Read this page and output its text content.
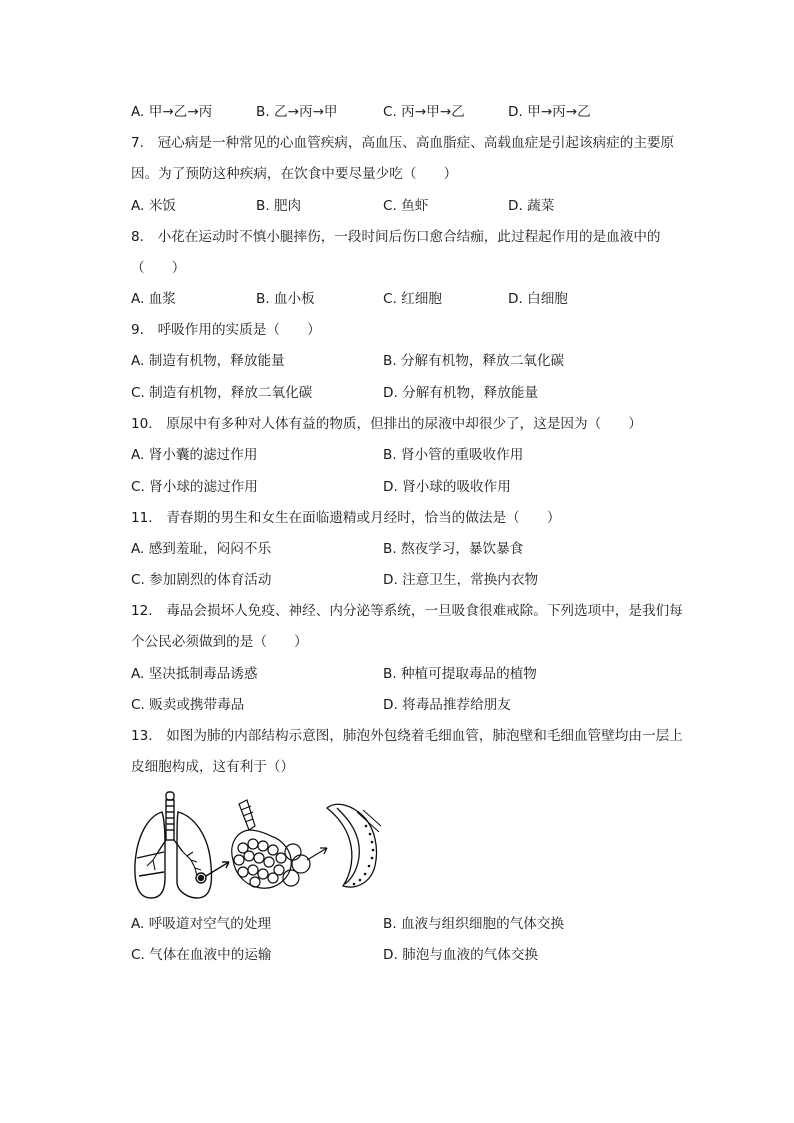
A. 甲→乙→丙	B. 乙→丙→甲	C. 丙→甲→乙	D. 甲→丙→乙
7.　冠心病是一种常见的心血管疾病，高血压、高血脂症、高载血症是引起该病症的主要原
因。为了预防这种疾病，在饮食中要尽量少吃（　　）
A. 米饭	B. 肥肉	C. 鱼虾	D. 蔬菜
8.　小花在运动时不慎小腿摔伤，一段时间后伤口愈合结痂，此过程起作用的是血液中的
（　　）
A. 血浆	B. 血小板	C. 红细胞	D. 白细胞
9.　呼吸作用的实质是（　　）
A. 制造有机物，释放能量	B. 分解有机物，释放二氧化碳
C. 制造有机物，释放二氧化碳	D. 分解有机物，释放能量
10.　原尿中有多种对人体有益的物质，但排出的尿液中却很少了，这是因为（　　）
A. 肾小囊的滤过作用	B. 肾小管的重吸收作用
C. 肾小球的滤过作用	D. 肾小球的吸收作用
11.　青春期的男生和女生在面临遗精或月经时，恰当的做法是（　　）
A. 感到羞耻，闷闷不乐	B. 熬夜学习，暴饮暴食
C. 参加剧烈的体育活动	D. 注意卫生，常换内衣物
12.　毒品会损坏人免疫、神经、内分泌等系统，一旦吸食很难戒除。下列选项中，是我们每
个公民必须做到的是（　　）
A. 坚决抵制毒品诱惑	B. 种植可提取毒品的植物
C. 贩卖或携带毒品	D. 将毒品推荐给朋友
13.　如图为肺的内部结构示意图，肺泡外包绕着毛细血管，肺泡壁和毛细血管壁均由一层上
皮细胞构成，这有利于（）
A. 呼吸道对空气的处理	B. 血液与组织细胞的气体交换
C. 气体在血液中的运输	D. 肺泡与血液的气体交换
